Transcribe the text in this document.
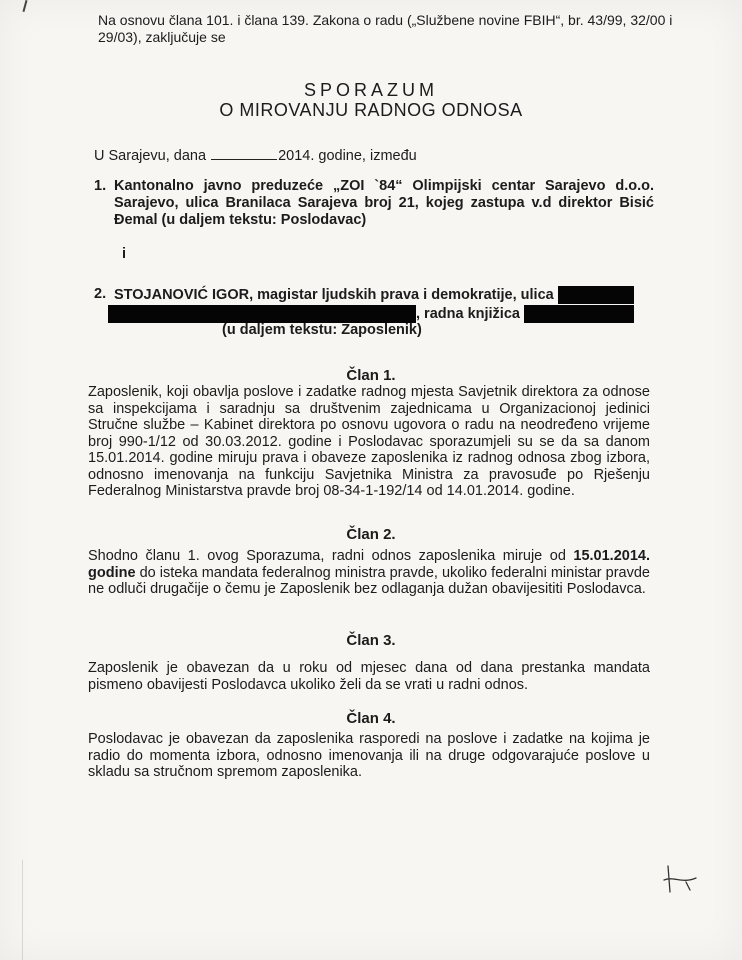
Na osnovu člana 101. i člana 139. Zakona o radu („Službene novine FBIH“, br. 43/99, 32/00 i 29/03), zaključuje se
SPORAZUM
O MIROVANJU RADNOG ODNOSA
U Sarajevu, dana	2014. godine, između
1. Kantonalno javno preduzeće „ZOI `84“ Olimpijski centar Sarajevo d.o.o. Sarajevo, ulica Branilaca Sarajeva broj 21, kojeg zastupa v.d direktor Bisić Đemal (u daljem tekstu: Poslodavac)
i
2. STOJANOVIĆ IGOR, magistar ljudskih prava i demokratije, ulica
, radna knjižica
(u daljem tekstu: Zaposlenik)
Član 1.
Zaposlenik, koji obavlja poslove i zadatke radnog mjesta Savjetnik direktora za odnose sa inspekcijama i saradnju sa društvenim zajednicama u Organizacionoj jedinici Stručne službe – Kabinet direktora po osnovu ugovora o radu na neodređeno vrijeme broj 990-1/12 od 30.03.2012. godine i Poslodavac sporazumjeli su se da sa danom 15.01.2014. godine miruju prava i obaveze zaposlenika iz radnog odnosa zbog izbora, odnosno imenovanja na funkciju Savjetnika Ministra za pravosuđe po Rješenju Federalnog Ministarstva pravde broj 08-34-1-192/14 od 14.01.2014. godine.
Član 2.
Shodno članu 1. ovog Sporazuma, radni odnos zaposlenika miruje od 15.01.2014. godine do isteka mandata federalnog ministra pravde, ukoliko federalni ministar pravde ne odluči drugačije o čemu je Zaposlenik bez odlaganja dužan obavijesititi Poslodavca.
Član 3.
Zaposlenik je obavezan da u roku od mjesec dana od dana prestanka mandata pismeno obavijesti Poslodavca ukoliko želi da se vrati u radni odnos.
Član 4.
Poslodavac je obavezan da zaposlenika rasporedi na poslove i zadatke na kojima je radio do momenta izbora, odnosno imenovanja ili na druge odgovarajuće poslove u skladu sa stručnom spremom zaposlenika.
